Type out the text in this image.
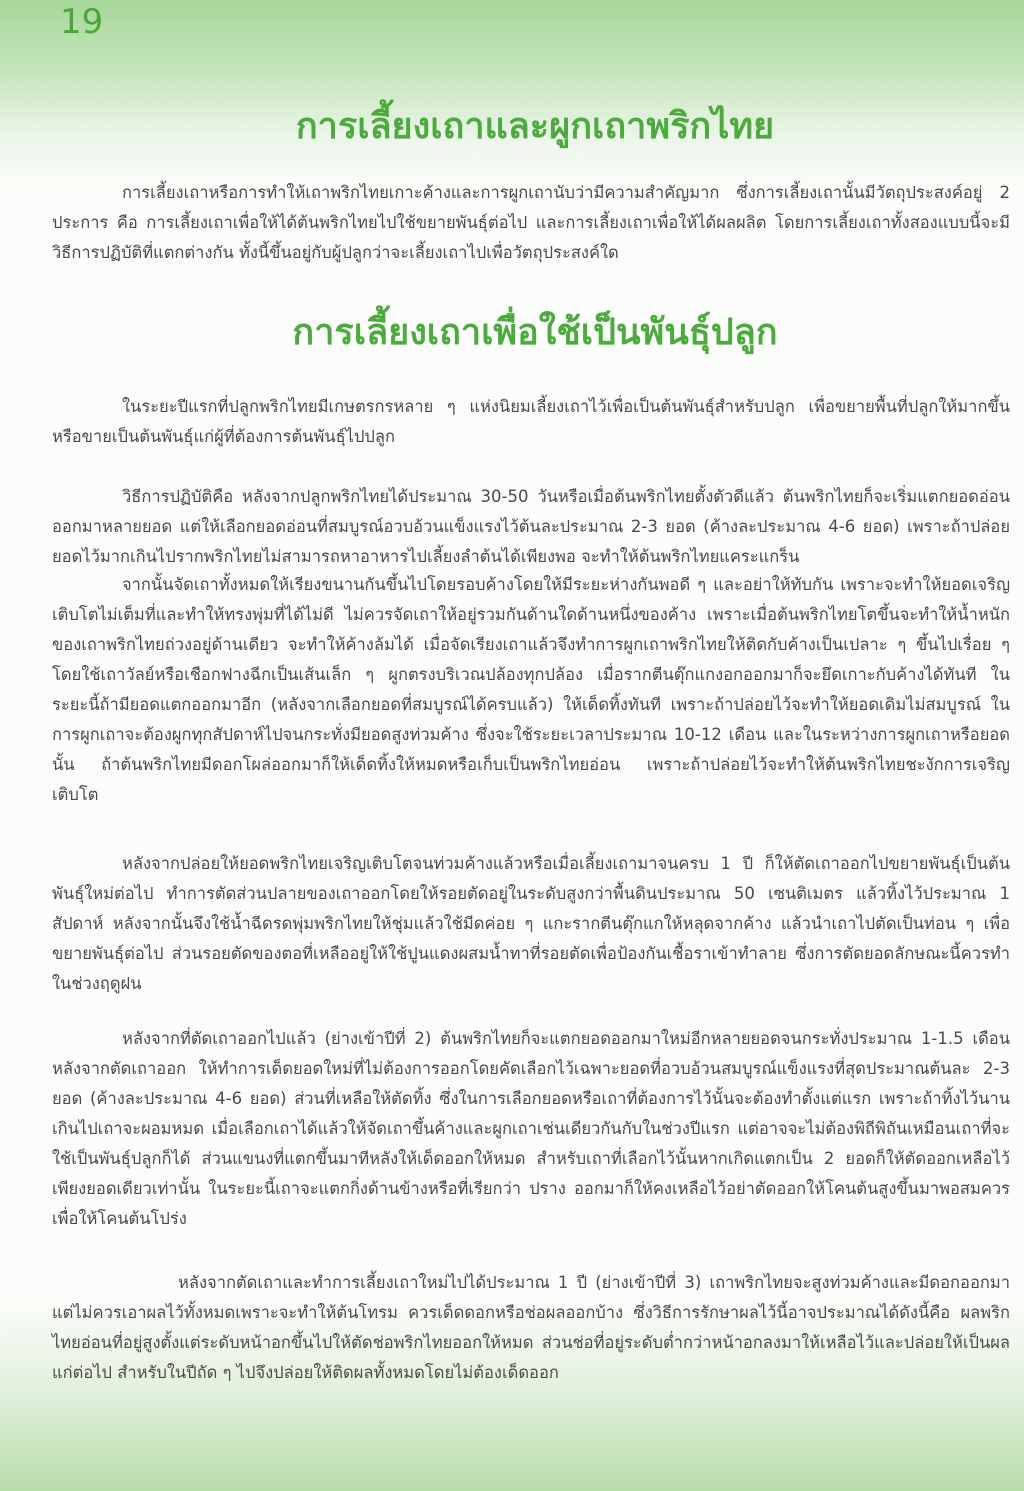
19
การเลี้ยงเถาและผูกเถาพริกไทย

การเลี้ยงเถาหรือการทำให้เถาพริกไทยเกาะค้างและการผูกเถานับว่ามีความสำคัญมาก ซึ่งการเลี้ยงเถานั้นมีวัตถุประสงค์อยู่ 2 ประการ คือ การเลี้ยงเถาเพื่อให้ได้ต้นพริกไทยไปใช้ขยายพันธุ์ต่อไป และการเลี้ยงเถาเพื่อให้ได้ผลผลิต โดยการเลี้ยงเถาทั้งสองแบบนี้จะมีวิธีการปฏิบัติที่แตกต่างกัน ทั้งนี้ขึ้นอยู่กับผู้ปลูกว่าจะเลี้ยงเถาไปเพื่อวัตถุประสงค์ใด

การเลี้ยงเถาเพื่อใช้เป็นพันธุ์ปลูก

ในระยะปีแรกที่ปลูกพริกไทยมีเกษตรกรหลาย ๆ แห่งนิยมเลี้ยงเถาไว้เพื่อเป็นต้นพันธุ์สำหรับปลูก เพื่อขยายพื้นที่ปลูกให้มากขึ้นหรือขายเป็นต้นพันธุ์แก่ผู้ที่ต้องการต้นพันธุ์ไปปลูก

วิธีการปฏิบัติคือ หลังจากปลูกพริกไทยได้ประมาณ 30-50 วันหรือเมื่อต้นพริกไทยตั้งตัวดีแล้ว ต้นพริกไทยก็จะเริ่มแตกยอดอ่อนออกมาหลายยอด แต่ให้เลือกยอดอ่อนที่สมบูรณ์อวบอ้วนแข็งแรงไว้ต้นละประมาณ 2-3 ยอด (ค้างละประมาณ 4-6 ยอด) เพราะถ้าปล่อยยอดไว้มากเกินไปรากพริกไทยไม่สามารถหาอาหารไปเลี้ยงลำต้นได้เพียงพอ จะทำให้ต้นพริกไทยแคระแกร็น

จากนั้นจัดเถาทั้งหมดให้เรียงขนานกันขึ้นไปโดยรอบค้างโดยให้มีระยะห่างกันพอดี ๆ และอย่าให้ทับกัน เพราะจะทำให้ยอดเจริญเติบโตไม่เต็มที่และทำให้ทรงพุ่มที่ได้ไม่ดี ไม่ควรจัดเถาให้อยู่รวมกันด้านใดด้านหนึ่งของค้าง เพราะเมื่อต้นพริกไทยโตขึ้นจะทำให้น้ำหนักของเถาพริกไทยถ่วงอยู่ด้านเดียว จะทำให้ค้างล้มได้ เมื่อจัดเรียงเถาแล้วจึงทำการผูกเถาพริกไทยให้ติดกับค้างเป็นเปลาะ ๆ ขึ้นไปเรื่อย ๆ โดยใช้เถาวัลย์หรือเชือกฟางฉีกเป็นเส้นเล็ก ๆ ผูกตรงบริเวณปล้องทุกปล้อง เมื่อรากตีนตุ๊กแกงอกออกมาก็จะยึดเกาะกับค้างได้ทันที ในระยะนี้ถ้ามียอดแตกออกมาอีก (หลังจากเลือกยอดที่สมบูรณ์ได้ครบแล้ว) ให้เด็ดทิ้งทันที เพราะถ้าปล่อยไว้จะทำให้ยอดเดิมไม่สมบูรณ์ ในการผูกเถาจะต้องผูกทุกสัปดาห์ไปจนกระทั่งมียอดสูงท่วมค้าง ซึ่งจะใช้ระยะเวลาประมาณ 10-12 เดือน และในระหว่างการผูกเถาหรือยอดนั้น ถ้าต้นพริกไทยมีดอกโผล่ออกมาก็ให้เด็ดทิ้งให้หมดหรือเก็บเป็นพริกไทยอ่อน เพราะถ้าปล่อยไว้จะทำให้ต้นพริกไทยชะงักการเจริญเติบโต

หลังจากปล่อยให้ยอดพริกไทยเจริญเติบโตจนท่วมค้างแล้วหรือเมื่อเลี้ยงเถามาจนครบ 1 ปี ก็ให้ตัดเถาออกไปขยายพันธุ์เป็นต้นพันธุ์ใหม่ต่อไป ทำการตัดส่วนปลายของเถาออกโดยให้รอยตัดอยู่ในระดับสูงกว่าพื้นดินประมาณ 50 เซนติเมตร แล้วทิ้งไว้ประมาณ 1 สัปดาห์ หลังจากนั้นจึงใช้น้ำฉีดรดพุ่มพริกไทยให้ชุ่มแล้วใช้มีดค่อย ๆ แกะรากตีนตุ๊กแกให้หลุดจากค้าง แล้วนำเถาไปตัดเป็นท่อน ๆ เพื่อขยายพันธุ์ต่อไป ส่วนรอยตัดของตอที่เหลืออยู่ให้ใช้ปูนแดงผสมน้ำทาที่รอยตัดเพื่อป้องกันเชื้อราเข้าทำลาย ซึ่งการตัดยอดลักษณะนี้ควรทำในช่วงฤดูฝน

หลังจากที่ตัดเถาออกไปแล้ว (ย่างเข้าปีที่ 2) ต้นพริกไทยก็จะแตกยอดออกมาใหม่อีกหลายยอดจนกระทั่งประมาณ 1-1.5 เดือนหลังจากตัดเถาออก ให้ทำการเด็ดยอดใหม่ที่ไม่ต้องการออกโดยคัดเลือกไว้เฉพาะยอดที่อวบอ้วนสมบูรณ์แข็งแรงที่สุดประมาณต้นละ 2-3 ยอด (ค้างละประมาณ 4-6 ยอด) ส่วนที่เหลือให้ตัดทิ้ง ซึ่งในการเลือกยอดหรือเถาที่ต้องการไว้นั้นจะต้องทำตั้งแต่แรก เพราะถ้าทิ้งไว้นานเกินไปเถาจะผอมหมด เมื่อเลือกเถาได้แล้วให้จัดเถาขึ้นค้างและผูกเถาเช่นเดียวกันกับในช่วงปีแรก แต่อาจจะไม่ต้องพิถีพิถันเหมือนเถาที่จะใช้เป็นพันธุ์ปลูกก็ได้ ส่วนแขนงที่แตกขึ้นมาทีหลังให้เด็ดออกให้หมด สำหรับเถาที่เลือกไว้นั้นหากเกิดแตกเป็น 2 ยอดก็ให้ตัดออกเหลือไว้เพียงยอดเดียวเท่านั้น ในระยะนี้เถาจะแตกกิ่งด้านข้างหรือที่เรียกว่า ปราง ออกมาก็ให้คงเหลือไว้อย่าตัดออกให้โคนต้นสูงขึ้นมาพอสมควร เพื่อให้โคนต้นโปร่ง

หลังจากตัดเถาและทำการเลี้ยงเถาใหม่ไปได้ประมาณ 1 ปี (ย่างเข้าปีที่ 3) เถาพริกไทยจะสูงท่วมค้างและมีดอกออกมา แต่ไม่ควรเอาผลไว้ทั้งหมดเพราะจะทำให้ต้นโทรม ควรเด็ดดอกหรือช่อผลออกบ้าง ซึ่งวิธีการรักษาผลไว้นี้อาจประมาณได้ดังนี้คือ ผลพริกไทยอ่อนที่อยู่สูงตั้งแต่ระดับหน้าอกขึ้นไปให้ตัดช่อพริกไทยออกให้หมด ส่วนช่อที่อยู่ระดับต่ำกว่าหน้าอกลงมาให้เหลือไว้และปล่อยให้เป็นผลแก่ต่อไป สำหรับในปีถัด ๆ ไปจึงปล่อยให้ติดผลทั้งหมดโดยไม่ต้องเด็ดออก
